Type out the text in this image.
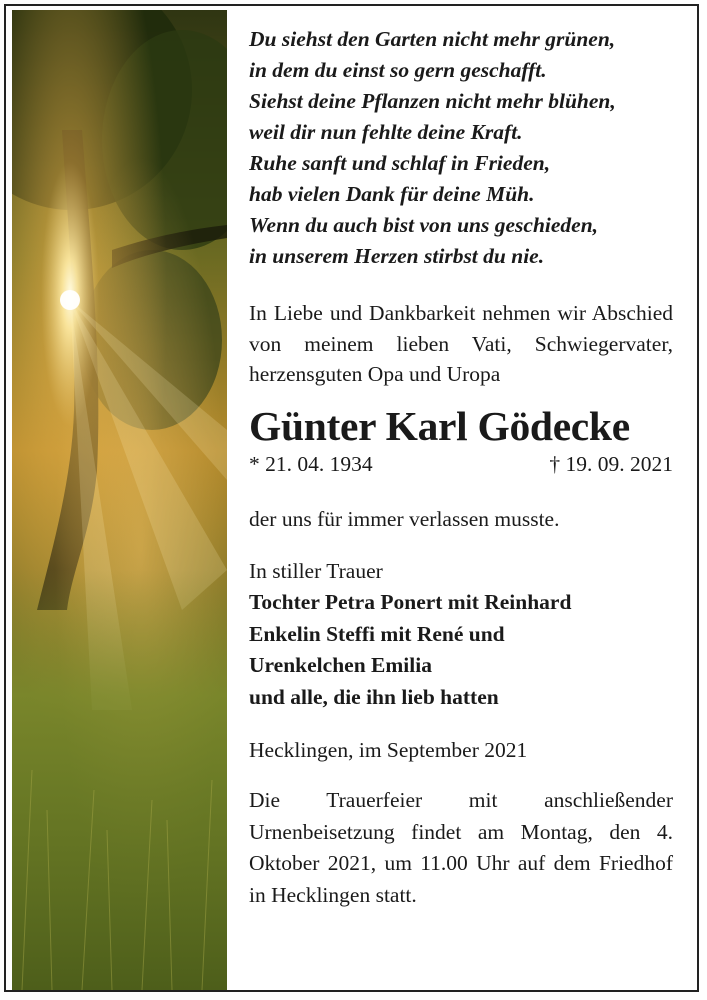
Du siehst den Garten nicht mehr grünen,
in dem du einst so gern geschafft.
Siehst deine Pflanzen nicht mehr blühen,
weil dir nun fehlte deine Kraft.
Ruhe sanft und schlaf in Frieden,
hab vielen Dank für deine Müh.
Wenn du auch bist von uns geschieden,
in unserem Herzen stirbst du nie.
In Liebe und Dankbarkeit nehmen wir Abschied von meinem lieben Vati, Schwiegervater, herzensguten Opa und Uropa
Günter Karl Gödecke
* 21. 04. 1934	† 19. 09. 2021
der uns für immer verlassen musste.
In stiller Trauer
Tochter Petra Ponert mit Reinhard
Enkelin Steffi mit René und
Urenkelchen Emilia
und alle, die ihn lieb hatten
Hecklingen, im September 2021
Die Trauerfeier mit anschließender Urnenbeisetzung findet am Montag, den 4. Oktober 2021, um 11.00 Uhr auf dem Friedhof in Hecklingen statt.
